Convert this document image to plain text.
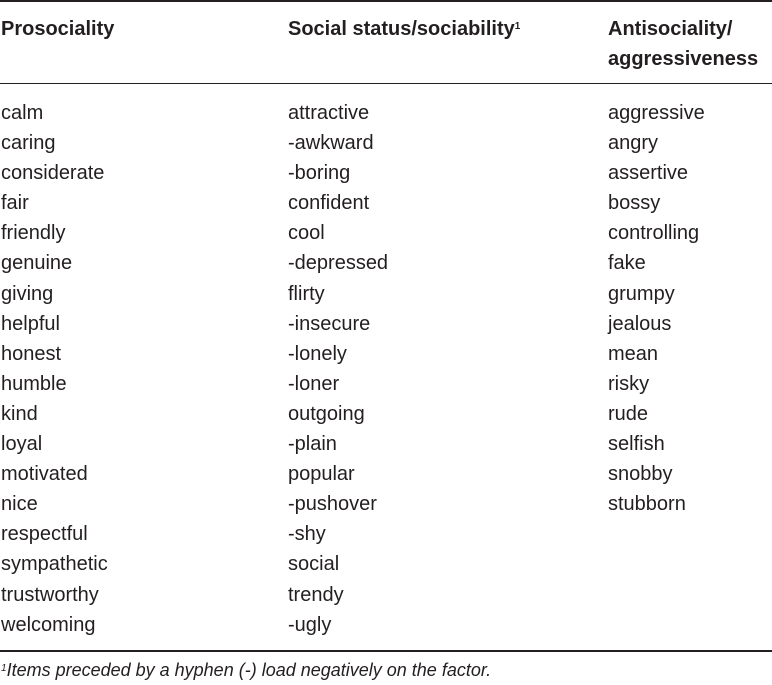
Prosociality	Social status/sociability$^1$	Antisociality/
aggressiveness
calm
caring
considerate
fair
friendly
genuine
giving
helpful
honest
humble
kind
loyal
motivated
nice
respectful
sympathetic
trustworthy
welcoming
attractive
-awkward
-boring
confident
cool
-depressed
flirty
-insecure
-lonely
-loner
outgoing
-plain
popular
-pushover
-shy
social
trendy
-ugly
aggressive
angry
assertive
bossy
controlling
fake
grumpy
jealous
mean
risky
rude
selfish
snobby
stubborn
$^1$Items preceded by a hyphen (-) load negatively on the factor.
